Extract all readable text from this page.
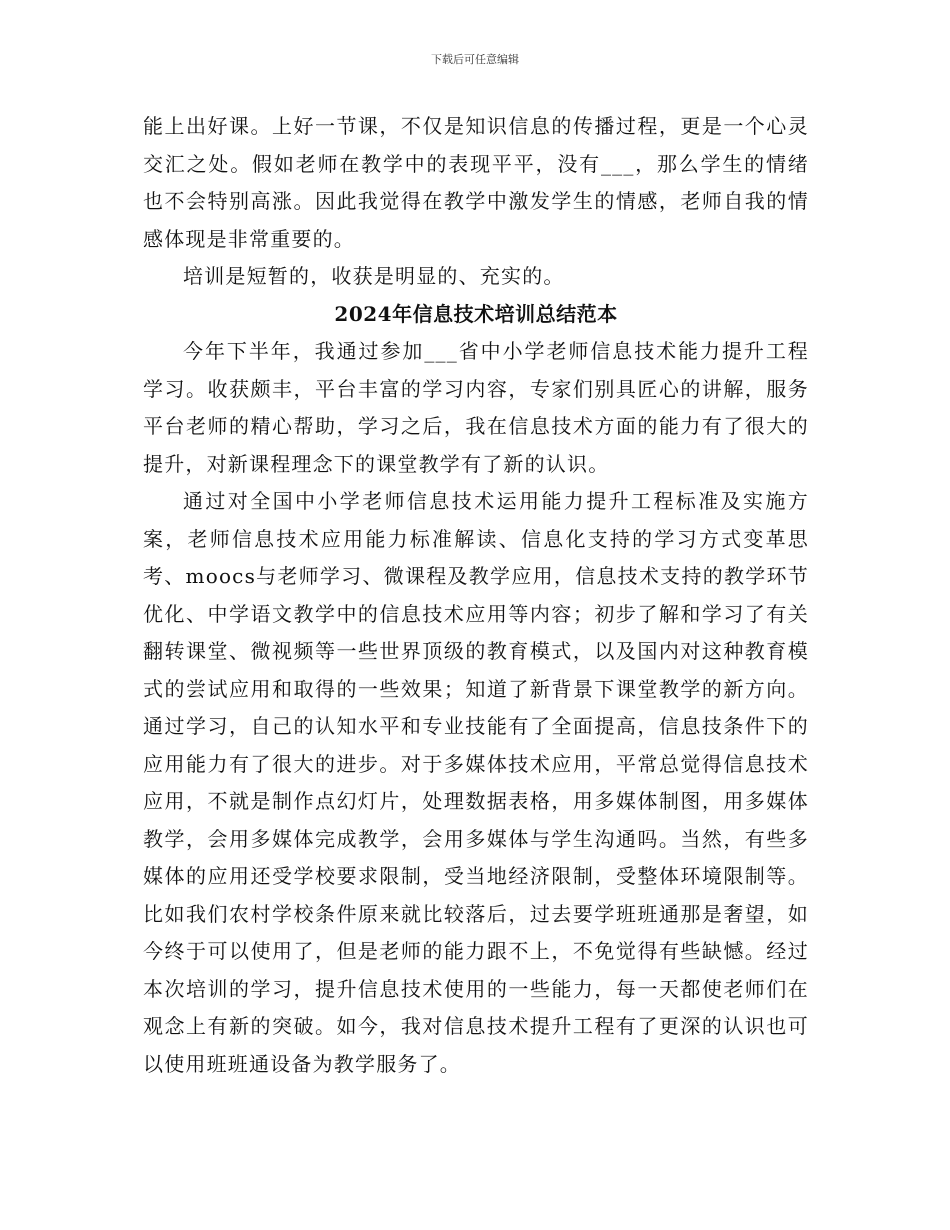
下载后可任意编辑

能上出好课。上好一节课，不仅是知识信息的传播过程，更是一个心灵交汇之处。假如老师在教学中的表现平平，没有___，那么学生的情绪也不会特别高涨。因此我觉得在教学中激发学生的情感，老师自我的情感体现是非常重要的。

培训是短暂的，收获是明显的、充实的。

2024年信息技术培训总结范本

今年下半年，我通过参加___省中小学老师信息技术能力提升工程学习。收获颇丰，平台丰富的学习内容，专家们别具匠心的讲解，服务平台老师的精心帮助，学习之后，我在信息技术方面的能力有了很大的提升，对新课程理念下的课堂教学有了新的认识。

通过对全国中小学老师信息技术运用能力提升工程标准及实施方案，老师信息技术应用能力标准解读、信息化支持的学习方式变革思考、moocs与老师学习、微课程及教学应用，信息技术支持的教学环节优化、中学语文教学中的信息技术应用等内容；初步了解和学习了有关翻转课堂、微视频等一些世界顶级的教育模式，以及国内对这种教育模式的尝试应用和取得的一些效果；知道了新背景下课堂教学的新方向。通过学习，自己的认知水平和专业技能有了全面提高，信息技条件下的应用能力有了很大的进步。对于多媒体技术应用，平常总觉得信息技术应用，不就是制作点幻灯片，处理数据表格，用多媒体制图，用多媒体教学，会用多媒体完成教学，会用多媒体与学生沟通吗。当然，有些多媒体的应用还受学校要求限制，受当地经济限制，受整体环境限制等。比如我们农村学校条件原来就比较落后，过去要学班班通那是奢望，如今终于可以使用了，但是老师的能力跟不上，不免觉得有些缺憾。经过本次培训的学习，提升信息技术使用的一些能力，每一天都使老师们在观念上有新的突破。如今，我对信息技术提升工程有了更深的认识也可以使用班班通设备为教学服务了。
